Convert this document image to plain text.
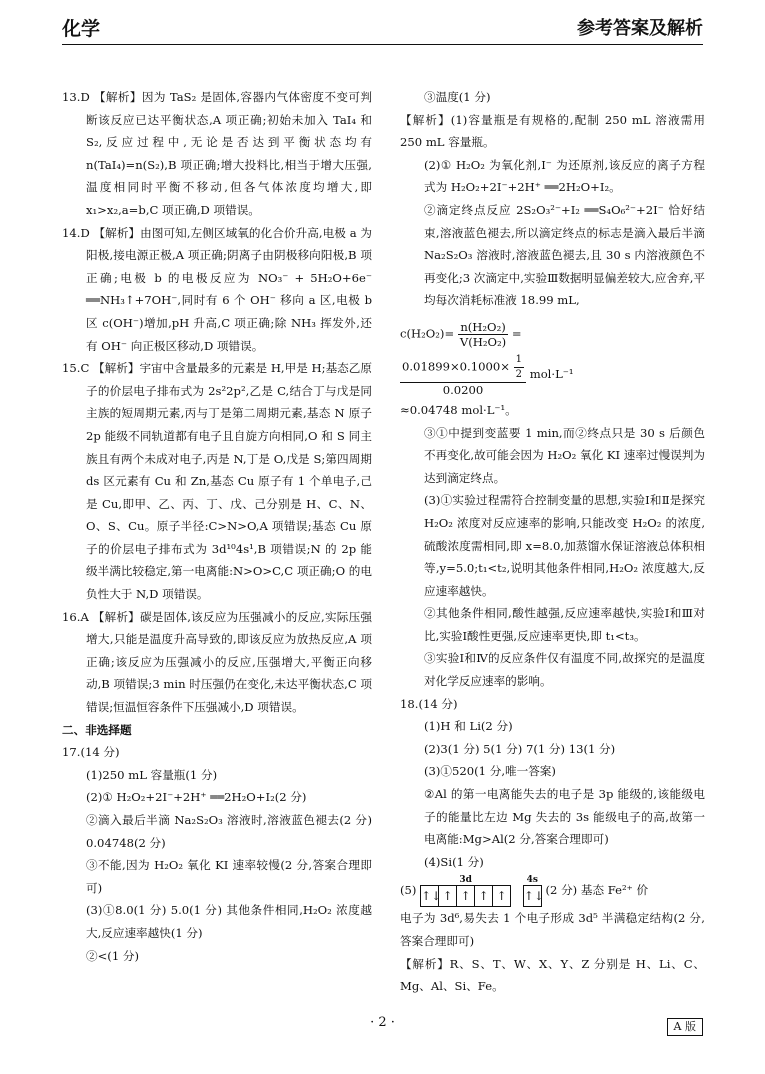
化学	参考答案及解析

13.D 【解析】因为 TaS₂ 是固体,容器内气体密度不变可判断该反应已达平衡状态,A 项正确;初始未加入 TaI₄ 和 S₂,反应过程中,无论是否达到平衡状态均有 n(TaI₄)=n(S₂),B 项正确;增大投料比,相当于增大压强,温度相同时平衡不移动,但各气体浓度均增大,即 x₁>x₂,a=b,C 项正确,D 项错误。

14.D 【解析】由图可知,左侧区域氧的化合价升高,电极 a 为阳极,接电源正极,A 项正确;阴离子由阴极移向阳极,B 项正确;电极 b 的电极反应为 NO₃⁻ + 5H₂O+6e⁻ ══NH₃↑+7OH⁻,同时有 6 个 OH⁻ 移向 a 区,电极 b 区 c(OH⁻)增加,pH 升高,C 项正确;除 NH₃ 挥发外,还有 OH⁻ 向正极区移动,D 项错误。

15.C 【解析】宇宙中含量最多的元素是 H,甲是 H;基态乙原子的价层电子排布式为 2s²2p²,乙是 C,结合丁与戊是同主族的短周期元素,丙与丁是第二周期元素,基态 N 原子 2p 能级不同轨道都有电子且自旋方向相同,O 和 S 同主族且有两个未成对电子,丙是 N,丁是 O,戊是 S;第四周期 ds 区元素有 Cu 和 Zn,基态 Cu 原子有 1 个单电子,己是 Cu,即甲、乙、丙、丁、戊、己分别是 H、C、N、O、S、Cu。原子半径:C>N>O,A 项错误;基态 Cu 原子的价层电子排布式为 3d¹⁰4s¹,B 项错误;N 的 2p 能级半满比较稳定,第一电离能:N>O>C,C 项正确;O 的电负性大于 N,D 项错误。

16.A 【解析】碳是固体,该反应为压强减小的反应,实际压强增大,只能是温度升高导致的,即该反应为放热反应,A 项正确;该反应为压强减小的反应,压强增大,平衡正向移动,B 项错误;3 min 时压强仍在变化,未达平衡状态,C 项错误;恒温恒容条件下压强减小,D 项错误。

二、非选择题

17.(14 分)

(1)250 mL 容量瓶(1 分)

(2)① H₂O₂+2I⁻+2H⁺ ══2H₂O+I₂(2 分)

②滴入最后半滴 Na₂S₂O₃ 溶液时,溶液蓝色褪去(2 分) 0.04748(2 分)

③不能,因为 H₂O₂ 氧化 KI 速率较慢(2 分,答案合理即可)

(3)①8.0(1 分) 5.0(1 分) 其他条件相同,H₂O₂ 浓度越大,反应速率越快(1 分)

②<(1 分)

③温度(1 分)

【解析】(1)容量瓶是有规格的,配制 250 mL 溶液需用 250 mL 容量瓶。

(2)① H₂O₂ 为氧化剂,I⁻ 为还原剂,该反应的离子方程式为 H₂O₂+2I⁻+2H⁺ ══2H₂O+I₂。

②滴定终点反应 2S₂O₃²⁻+I₂ ══S₄O₆²⁻+2I⁻ 恰好结束,溶液蓝色褪去,所以滴定终点的标志是滴入最后半滴 Na₂S₂O₃ 溶液时,溶液蓝色褪去,且 30 s 内溶液颜色不再变化;3 次滴定中,实验Ⅲ数据明显偏差较大,应舍弃,平均每次消耗标准液 18.99 mL,

$c(H_2O_2)= \frac{\text{n(H₂O₂)}}{\text{V(H₂O₂)}}$ =

$\frac{0.01899\times 0.1000\times \frac{1}{2}}{0.0200} mol\cdot L^{-1}$

≈0.04748 mol·L⁻¹。

③①中提到变蓝要 1 min,而②终点只是 30 s 后颜色不再变化,故可能会因为 H₂O₂ 氧化 KI 速率过慢误判为达到滴定终点。

(3)①实验过程需符合控制变量的思想,实验Ⅰ和Ⅱ是探究 H₂O₂ 浓度对反应速率的影响,只能改变 H₂O₂ 的浓度,硫酸浓度需相同,即 x=8.0,加蒸馏水保证溶液总体积相等,y=5.0;t₁<t₂,说明其他条件相同,H₂O₂ 浓度越大,反应速率越快。

②其他条件相同,酸性越强,反应速率越快,实验Ⅰ和Ⅲ对比,实验Ⅰ酸性更强,反应速率更快,即 t₁<t₃。

③实验Ⅰ和Ⅳ的反应条件仅有温度不同,故探究的是温度对化学反应速率的影响。

18.(14 分)

(1)H 和 Li(2 分)

(2)3(1 分) 5(1 分) 7(1 分) 13(1 分)

(3)①520(1 分,唯一答案)

②Al 的第一电离能失去的电子是 3p 能级的,该能级电子的能量比左边 Mg 失去的 3s 能级电子的高,故第一电离能:Mg>Al(2 分,答案合理即可)

(4)Si(1 分)

(5)
3d
↑↓ ↑ ↑ ↑ ↑

4s
↑↓ (2 分) 基态 Fe²⁺ 价

电子为 3d⁶,易失去 1 个电子形成 3d⁵ 半满稳定结构(2 分,答案合理即可)

【解析】R、S、T、W、X、Y、Z 分别是 H、Li、C、Mg、Al、Si、Fe。

· 2 ·	A 版
